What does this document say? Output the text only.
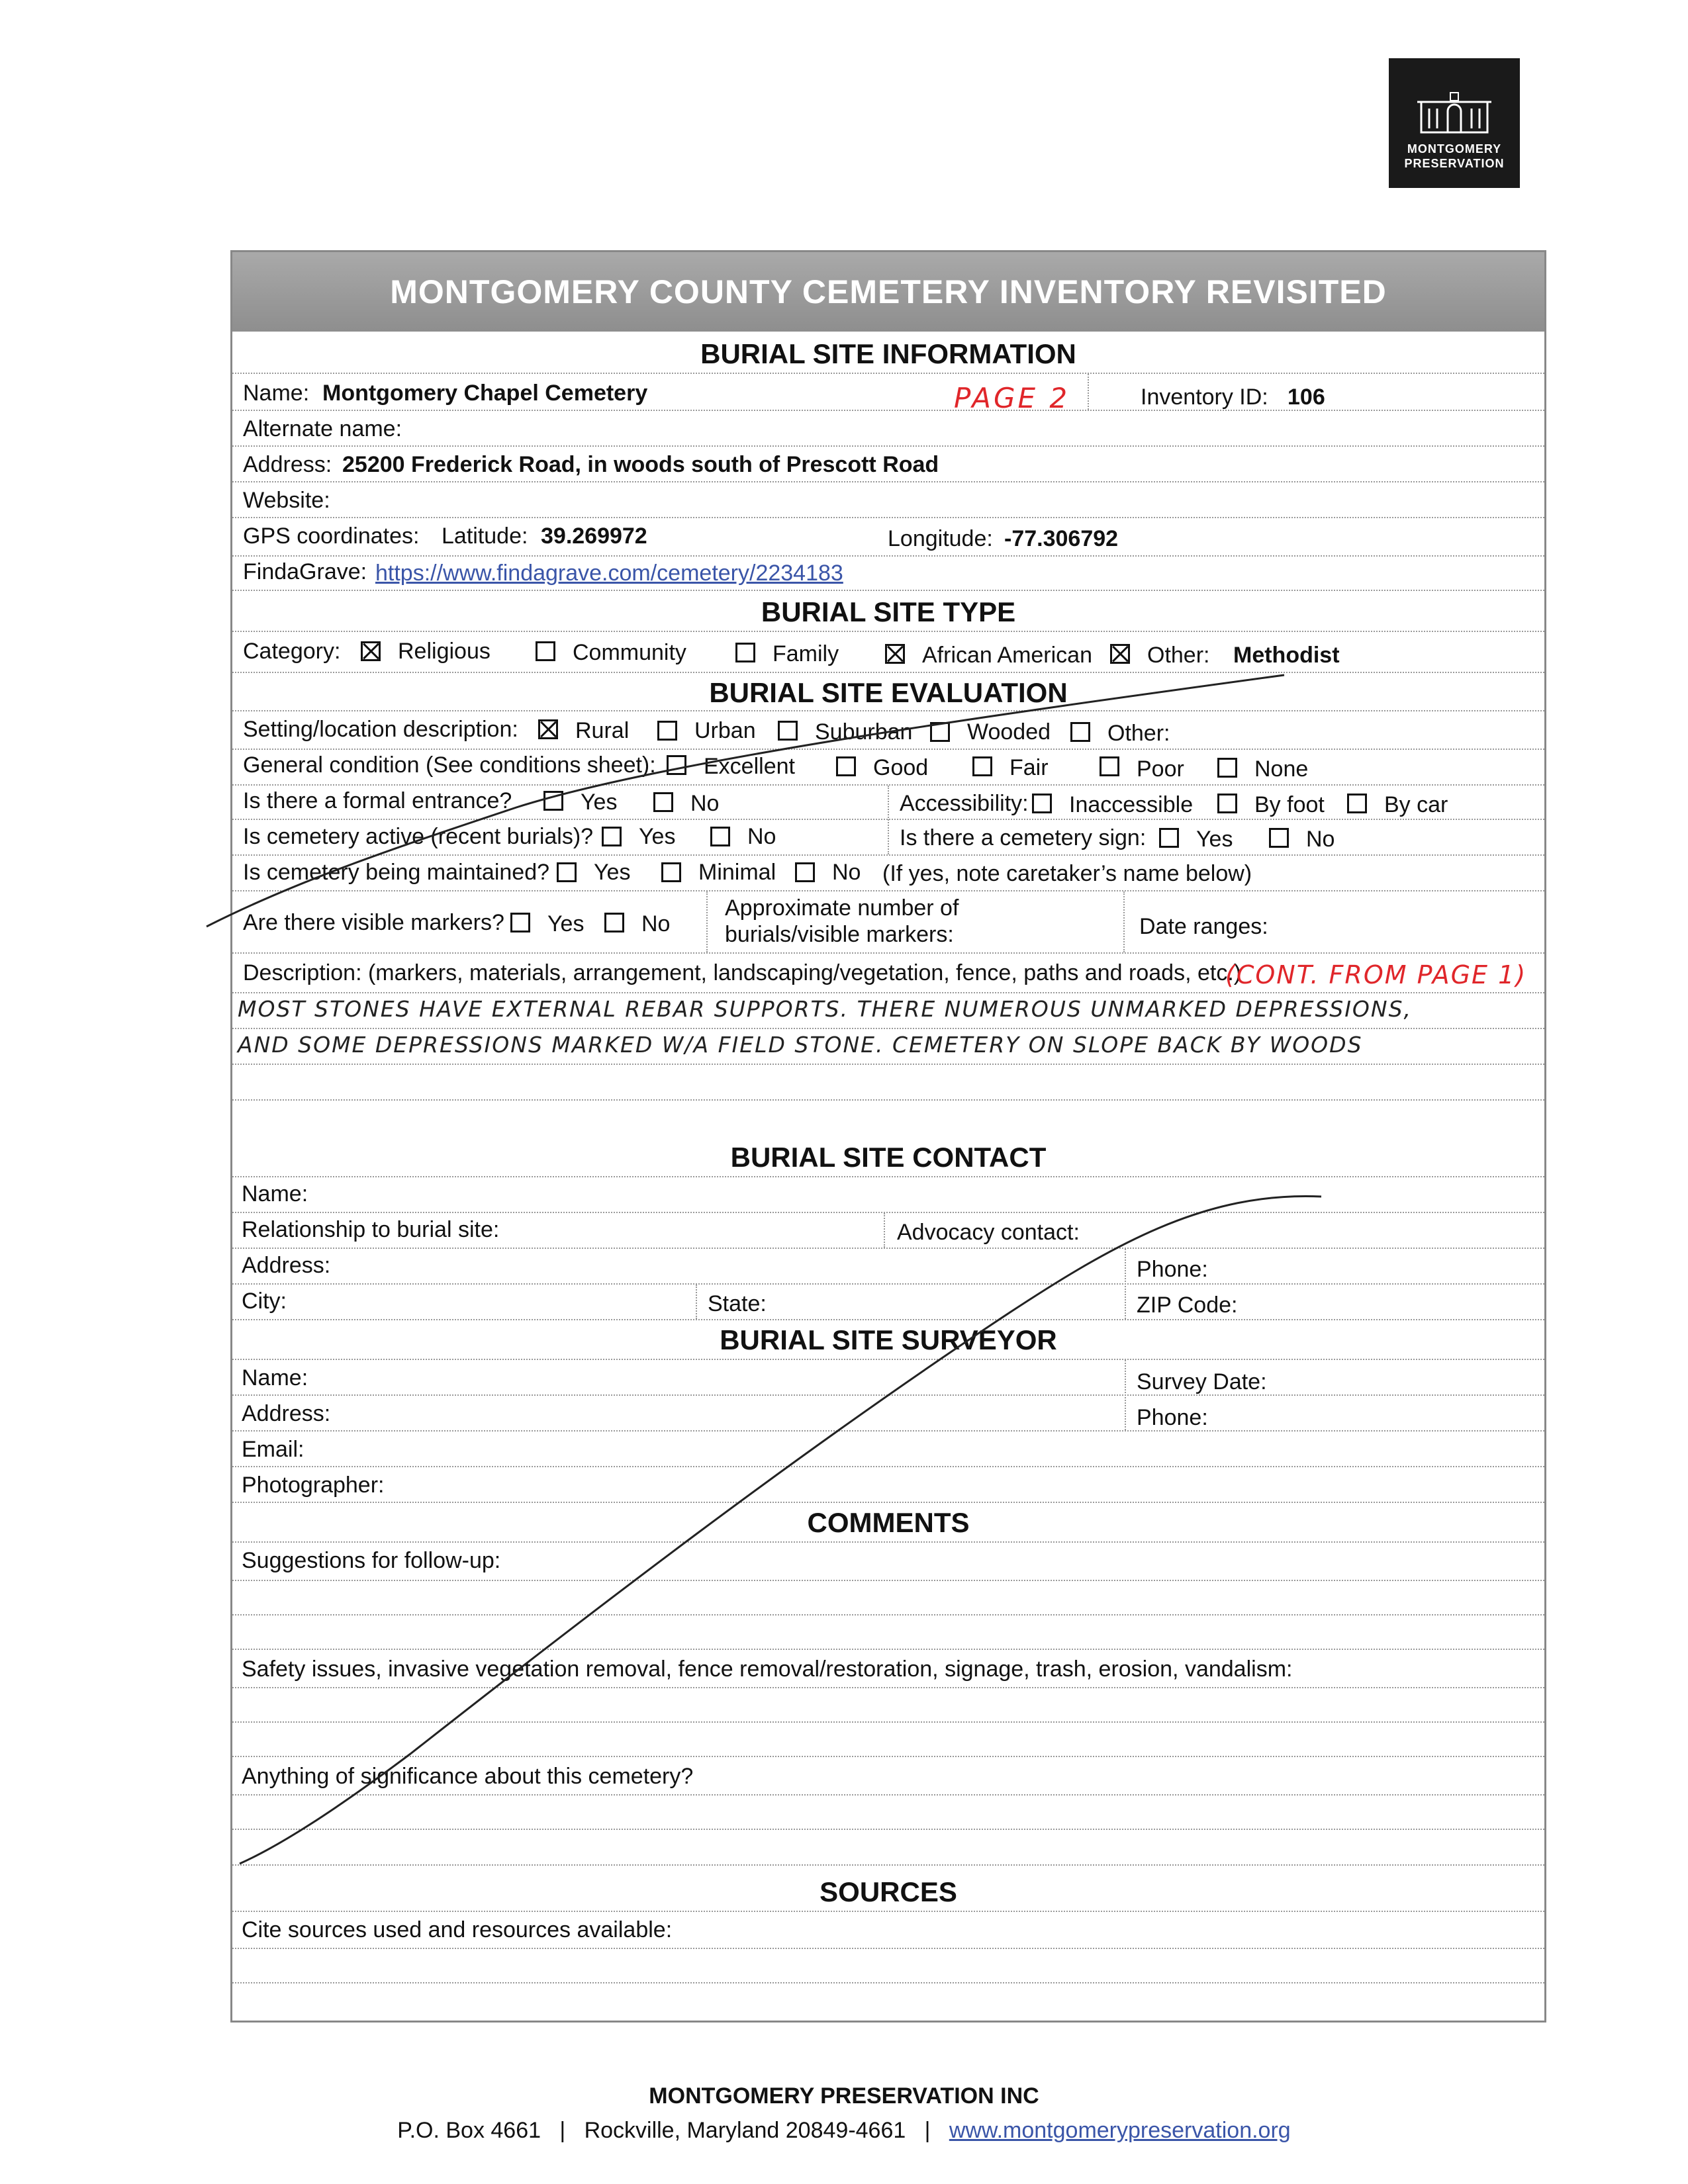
MONTGOMERY
PRESERVATION
MONTGOMERY COUNTY CEMETERY INVENTORY REVISITED
BURIAL SITE INFORMATION
Name: Montgomery Chapel Cemetery	PAGE 2	Inventory ID: 106
Alternate name:
Address: 25200 Frederick Road, in woods south of Prescott Road
Website:
GPS coordinates: Latitude: 39.269972	Longitude: -77.306792
FindaGrave: https://www.findagrave.com/cemetery/2234183
BURIAL SITE TYPE
Category:	Religious	Community	Family	African American Other: Methodist
BURIAL SITE EVALUATION
Setting/location description:	Rural	Urban	Suburban Wooded	Other:
General condition (See conditions sheet): Excellent	Good	Fair	Poor	None
Is there a formal entrance?	Yes	No	Accessibility: Inaccessible	By foot	By car
Is cemetery active (recent burials)? Yes	No	Is there a cemetery sign: Yes	No
Is cemetery being maintained? Yes	Minimal No (If yes, note caretaker’s name below)
Are there visible markers? Yes	No
Approximate number of
burials/visible markers:	Date ranges:
Description: (markers, materials, arrangement, landscaping/vegetation, fence, paths and roads, etc.)
(CONT. FROM PAGE 1)
MOST STONES HAVE EXTERNAL REBAR SUPPORTS. THERE NUMEROUS UNMARKED DEPRESSIONS,
AND SOME DEPRESSIONS MARKED W/A FIELD STONE. CEMETERY ON SLOPE BACK BY WOODS
BURIAL SITE CONTACT
Name:
Relationship to burial site:	Advocacy contact:
Address:	Phone:
City:	State:	ZIP Code:
BURIAL SITE SURVEYOR
Name:	Survey Date:
Address:	Phone:
Email:
Photographer:
COMMENTS
Suggestions for follow-up:
Safety issues, invasive vegetation removal, fence removal/restoration, signage, trash, erosion, vandalism:
Anything of significance about this cemetery?
SOURCES
Cite sources used and resources available:
MONTGOMERY PRESERVATION INC
P.O. Box 4661 | Rockville, Maryland 20849-4661 | www.montgomerypreservation.org
